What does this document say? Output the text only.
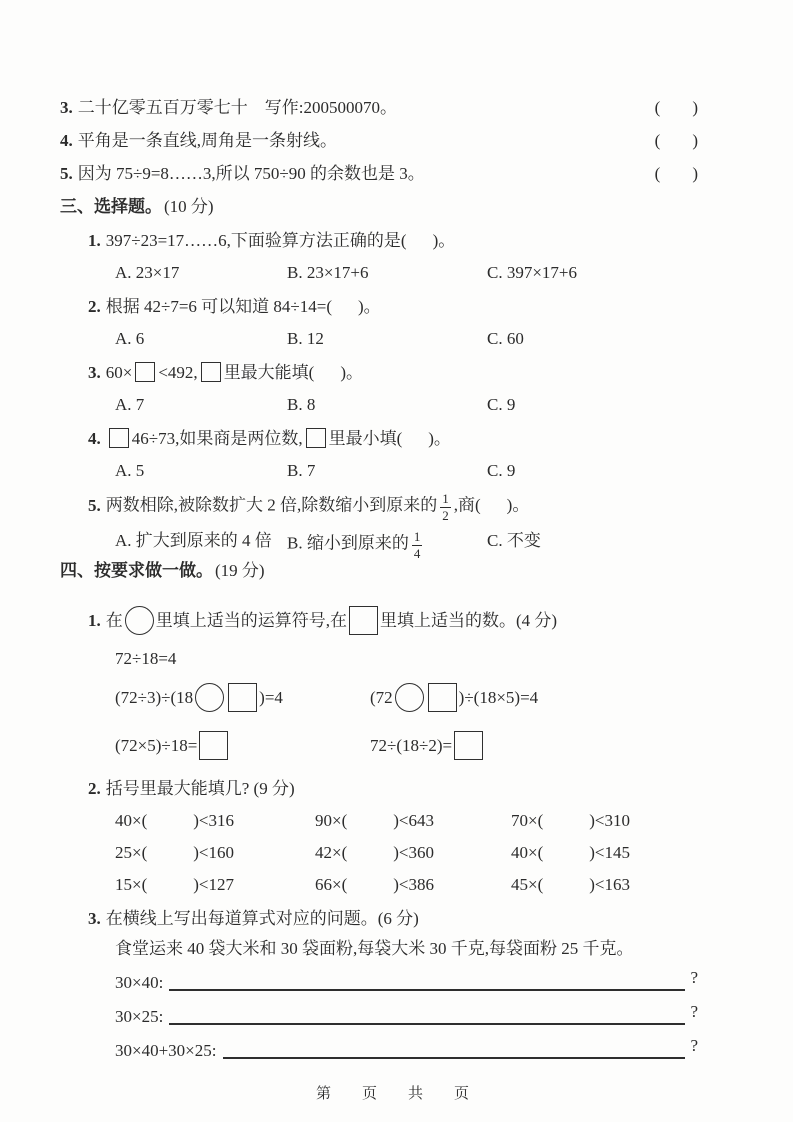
3. 二十亿零五百万零七十　写作:200500070。	( )
4. 平角是一条直线,周角是一条射线。	( )
5. 因为 75÷9=8……3,所以 750÷90 的余数也是 3。	( )
三、选择题。 (10 分)
1. 397÷23=17……6,下面验算方法正确的是( )。
A. 23×17	B. 23×17+6	C. 397×17+6
2. 根据 42÷7=6 可以知道 84÷14=( )。
A. 6	B. 12	C. 60
3. 60× <492, 里最大能填( )。
A. 7	B. 8	C. 9
4. 46÷73,如果商是两位数, 里最小填( )。
A. 5	B. 7	C. 9
5. 两数相除,被除数扩大 2 倍,除数缩小到原来的 $\frac{1}{2}$ ,商( )。
A. 扩大到原来的 4 倍 B. 缩小到原来的 $\frac{1}{4}$	C. 不变
四、按要求做一做。 (19 分)
1. 在 里填上适当的运算符号,在 里填上适当的数。(4 分)
72÷18=4
(72÷3)÷(18	)=4	(72	)÷(18×5)=4
(72×5)÷18=	72÷(18÷2)=
2. 括号里最大能填几? (9 分)
40×(	)<316	90×(	)<643	70×(	)<310
25×(	)<160	42×(	)<360	40×(	)<145
15×(	)<127	66×(	)<386	45×(	)<163
3. 在横线上写出每道算式对应的问题。(6 分)
食堂运来 40 袋大米和 30 袋面粉,每袋大米 30 千克,每袋面粉 25 千克。
30×40:	?
30×25:	?
30×40+30×25:	?
第　页　共　页
